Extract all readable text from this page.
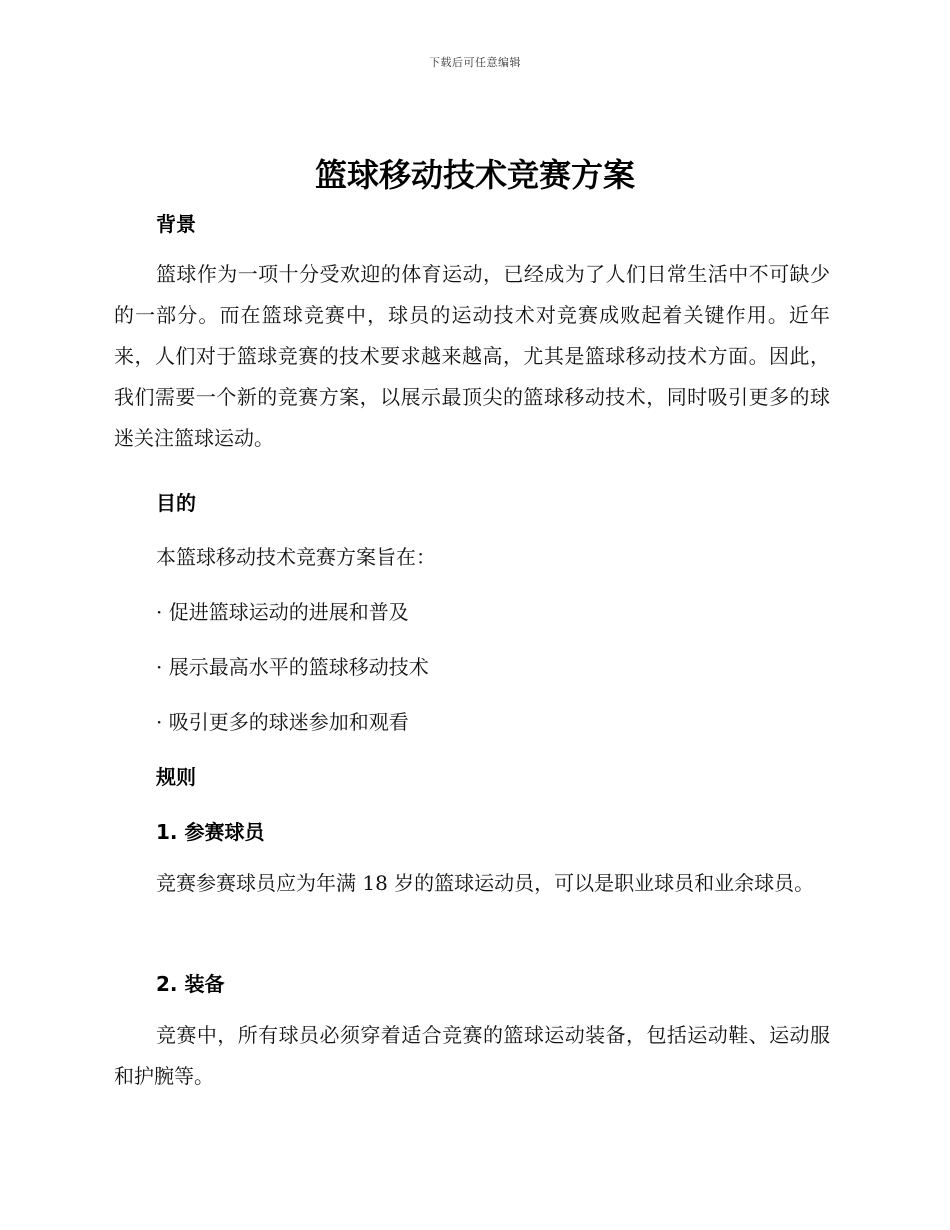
下载后可任意编辑
篮球移动技术竞赛方案
背景

篮球作为一项十分受欢迎的体育运动，已经成为了人们日常生活中不可缺少的一部分。而在篮球竞赛中，球员的运动技术对竞赛成败起着关键作用。近年来，人们对于篮球竞赛的技术要求越来越高，尤其是篮球移动技术方面。因此，我们需要一个新的竞赛方案，以展示最顶尖的篮球移动技术，同时吸引更多的球迷关注篮球运动。

目的
本篮球移动技术竞赛方案旨在：
· 促进篮球运动的进展和普及
· 展示最高水平的篮球移动技术
· 吸引更多的球迷参加和观看
规则
1. 参赛球员

竞赛参赛球员应为年满 18 岁的篮球运动员，可以是职业球员和业余球员。

2. 装备

竞赛中，所有球员必须穿着适合竞赛的篮球运动装备，包括运动鞋、运动服和护腕等。
